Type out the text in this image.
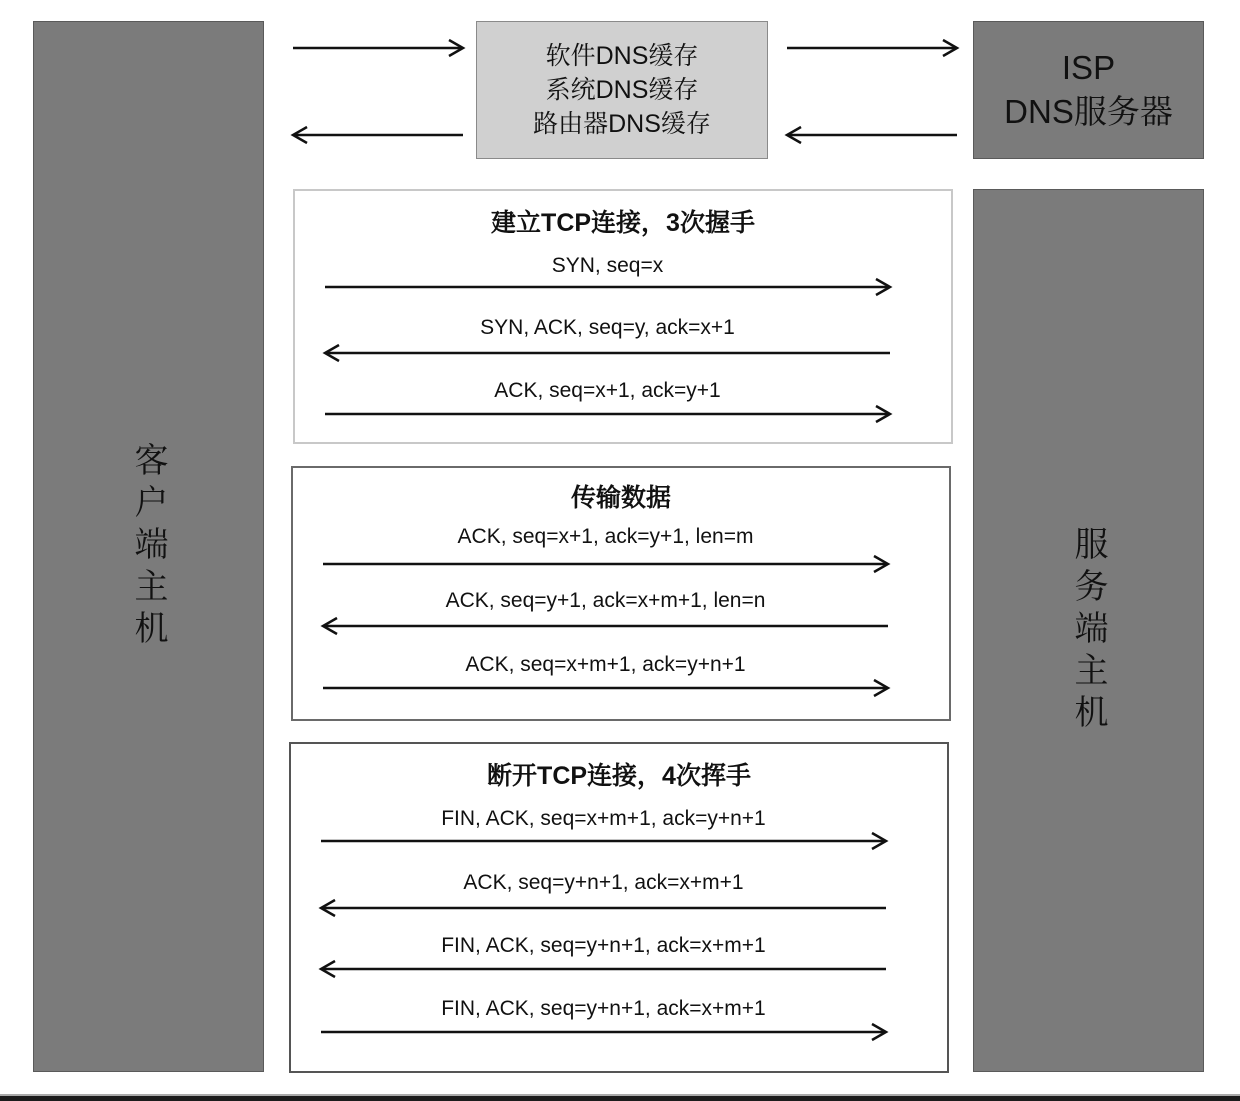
客户端主机	服务端主机
软件DNS缓存
系统DNS缓存
路由器DNS缓存
ISP
DNS服务器
建立TCP连接，3次握手
传输数据
断开TCP连接，4次挥手
SYN, seq=x
SYN, ACK, seq=y, ack=x+1
ACK, seq=x+1, ack=y+1
ACK, seq=x+1, ack=y+1, len=m
ACK, seq=y+1, ack=x+m+1, len=n
ACK, seq=x+m+1, ack=y+n+1
FIN, ACK, seq=x+m+1, ack=y+n+1
ACK, seq=y+n+1, ack=x+m+1
FIN, ACK, seq=y+n+1, ack=x+m+1
FIN, ACK, seq=y+n+1, ack=x+m+1
